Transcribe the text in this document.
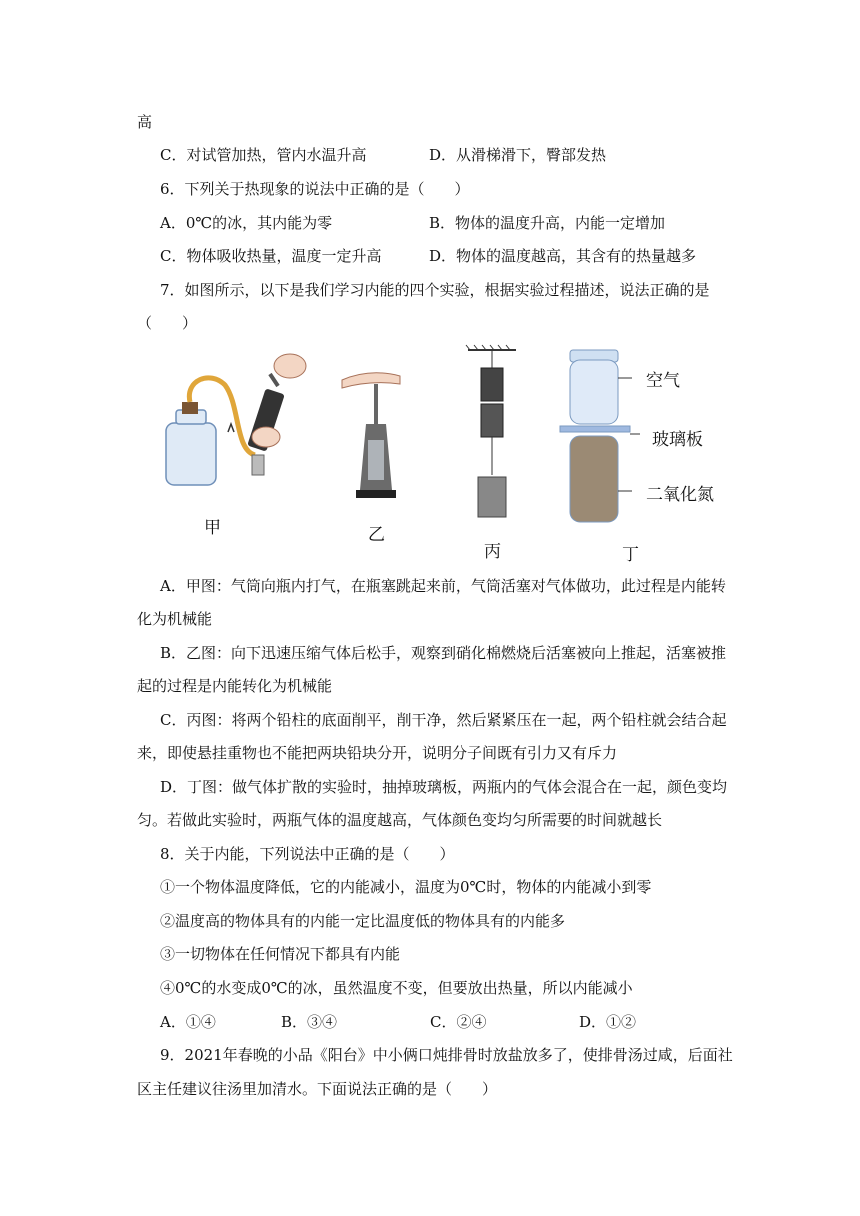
高
C．对试管加热，管内水温升高	D．从滑梯滑下，臀部发热
6．下列关于热现象的说法中正确的是（　　）
A．0℃的冰，其内能为零	B．物体的温度升高，内能一定增加
C．物体吸收热量，温度一定升高	D．物体的温度越高，其含有的热量越多
7．如图所示，以下是我们学习内能的四个实验，根据实验过程描述，说法正确的是
（　　）
空气
玻璃板
二氧化氮
甲	乙
丙	丁
A．甲图：气筒向瓶内打气，在瓶塞跳起来前，气筒活塞对气体做功，此过程是内能转
化为机械能
B．乙图：向下迅速压缩气体后松手，观察到硝化棉燃烧后活塞被向上推起，活塞被推
起的过程是内能转化为机械能
C．丙图：将两个铅柱的底面削平，削干净，然后紧紧压在一起，两个铅柱就会结合起
来，即使悬挂重物也不能把两块铅块分开，说明分子间既有引力又有斥力
D．丁图：做气体扩散的实验时，抽掉玻璃板，两瓶内的气体会混合在一起，颜色变均
匀。若做此实验时，两瓶气体的温度越高，气体颜色变均匀所需要的时间就越长
8．关于内能，下列说法中正确的是（　　）
①一个物体温度降低，它的内能减小，温度为0℃时，物体的内能减小到零
②温度高的物体具有的内能一定比温度低的物体具有的内能多
③一切物体在任何情况下都具有内能
④0℃的水变成0℃的冰，虽然温度不变，但要放出热量，所以内能减小
A．①④	B．③④	C．②④	D．①②
9．2021年春晚的小品《阳台》中小俩口炖排骨时放盐放多了，使排骨汤过咸，后面社
区主任建议往汤里加清水。下面说法正确的是（　　）
